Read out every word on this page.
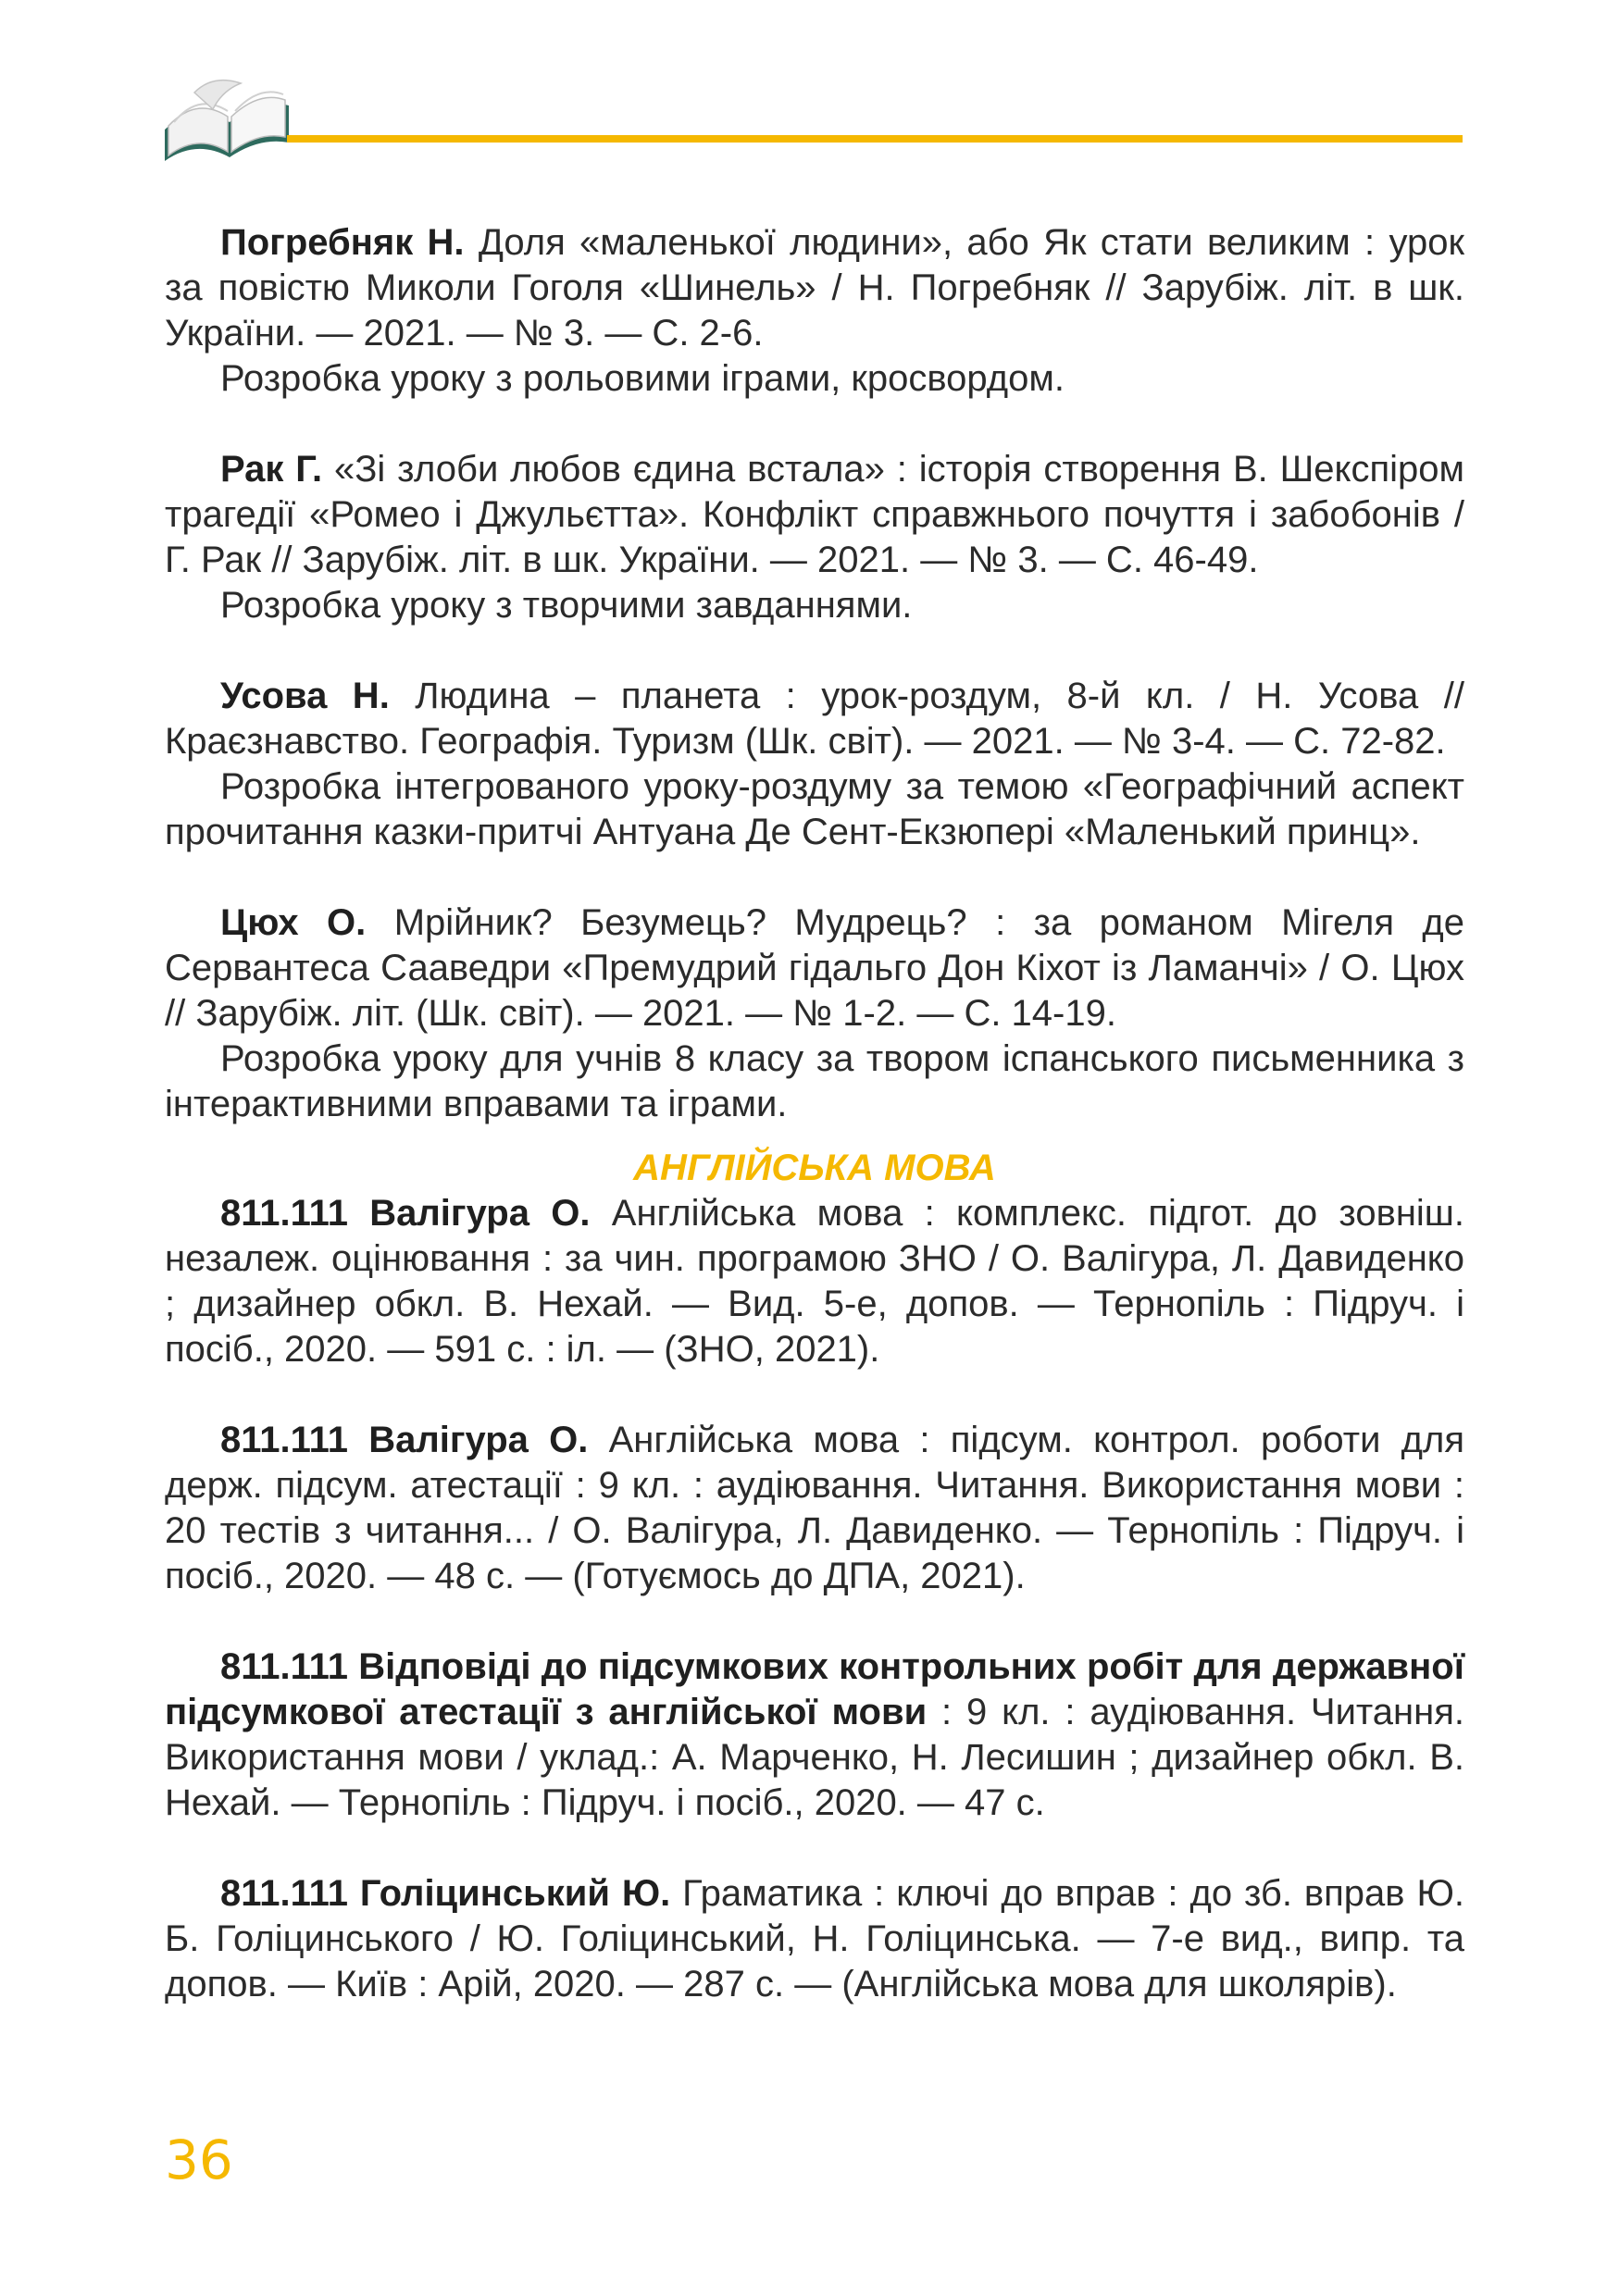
Погребняк Н. Доля «маленької людини», або Як стати великим : урок за повістю Миколи Гоголя «Шинель» / Н. Погребняк // Зарубіж. літ. в шк. України. — 2021. — № 3. — С. 2-6.

Розробка уроку з рольовими іграми, кросвордом.

Рак Г. «Зі злоби любов єдина встала» : історія створення В. Шекспіром трагедії «Ромео і Джульєтта». Конфлікт справжнього почуття і забобонів / Г. Рак // Зарубіж. літ. в шк. України. — 2021. — № 3. — С. 46-49.

Розробка уроку з творчими завданнями.

Усова Н. Людина – планета : урок-роздум, 8-й кл. / Н. Усова // Краєзнавство. Географія. Туризм (Шк. світ). — 2021. — № 3-4. — С. 72-82.

Розробка інтегрованого уроку-роздуму за темою «Географічний аспект прочитання казки-притчі Антуана Де Сент-Екзюпері «Маленький принц».

Цюх О. Мрійник? Безумець? Мудрець? : за романом Мігеля де Сервантеса Сааведри «Премудрий гідальго Дон Кіхот із Ламанчі» / О. Цюх // Зарубіж. літ. (Шк. світ). — 2021. — № 1-2. — С. 14-19.

Розробка уроку для учнів 8 класу за твором іспанського письменника з інтерактивними вправами та іграми.

АНГЛІЙСЬКА МОВА

811.111 Валігура О. Англійська мова : комплекс. підгот. до зовніш. незалеж. оцінювання : за чин. програмою ЗНО / О. Валігура, Л. Давиденко ; дизайнер обкл. В. Нехай. — Вид. 5-е, допов. — Тернопіль : Підруч. і посіб., 2020. — 591 с. : іл. — (ЗНО, 2021).

811.111 Валігура О. Англійська мова : підсум. контрол. роботи для держ. підсум. атестації : 9 кл. : аудіювання. Читання. Використання мови : 20 тестів з читання... / О. Валігура, Л. Давиденко. — Тернопіль : Підруч. і посіб., 2020. — 48 с. — (Готуємось до ДПА, 2021).

811.111 Відповіді до підсумкових контрольних робіт для державної підсумкової атестації з англійської мови : 9 кл. : аудіювання. Читання. Використання мови / уклад.: А. Марченко, Н. Лесишин ; дизайнер обкл. В. Нехай. — Тернопіль : Підруч. і посіб., 2020. — 47 с.

811.111 Голіцинський Ю. Граматика : ключі до вправ : до зб. вправ Ю. Б. Голіцинського / Ю. Голіцинський, Н. Голіцинська. — 7-е вид., випр. та допов. — Київ : Арій, 2020. — 287 с. — (Англійська мова для школярів).

36
